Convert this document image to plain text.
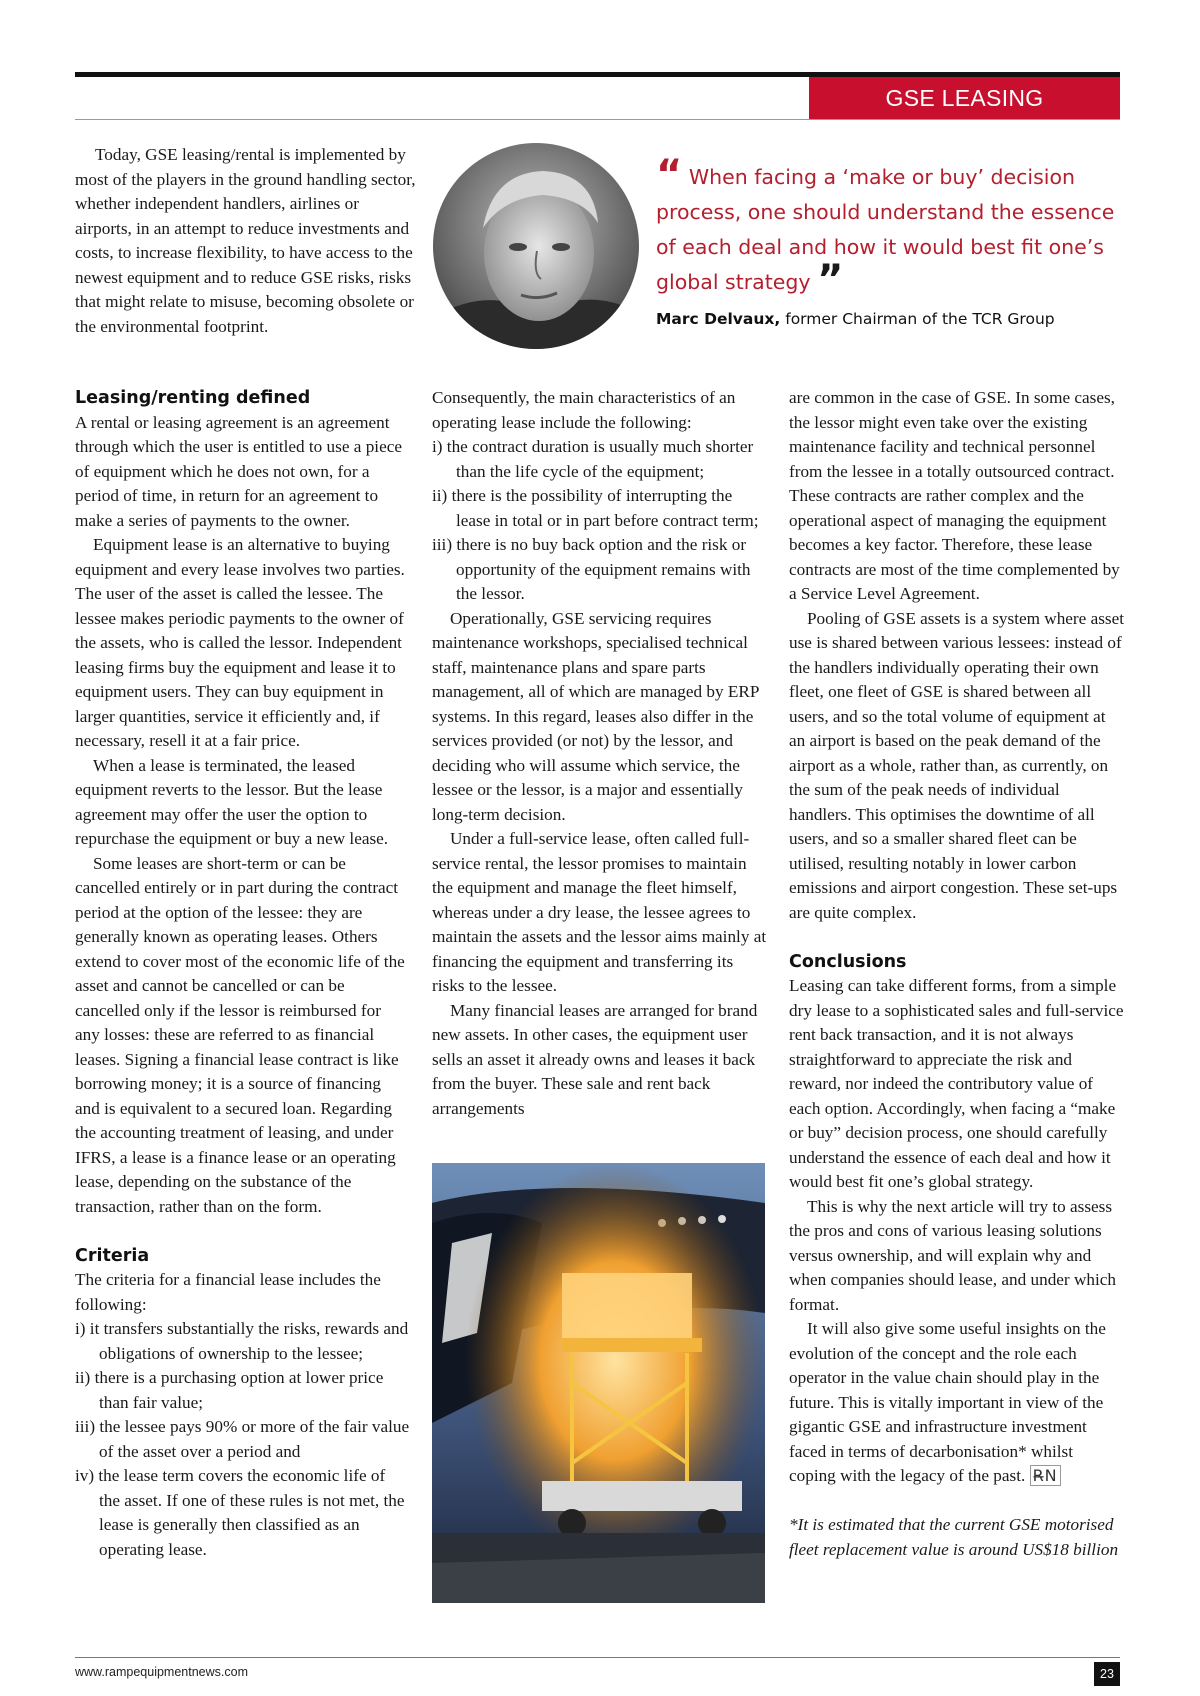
GSE LEASING

Today, GSE leasing/rental is implemented by most of the players in the ground handling sector, whether independent handlers, airlines or airports, in an attempt to reduce investments and costs, to increase flexibility, to have access to the newest equipment and to reduce GSE risks, risks that might relate to misuse, becoming obsolete or the environmental footprint.

“ When facing a ‘make or buy’ decision process, one should understand the essence of each deal and how it would best fit one’s global strategy ”

Marc Delvaux, former Chairman of the TCR Group
Leasing/renting defined

A rental or leasing agreement is an agreement through which the user is entitled to use a piece of equipment which he does not own, for a period of time, in return for an agreement to make a series of payments to the owner.

Equipment lease is an alternative to buying equipment and every lease involves two parties. The user of the asset is called the lessee. The lessee makes periodic payments to the owner of the assets, who is called the lessor. Independent leasing firms buy the equipment and lease it to equipment users. They can buy equipment in larger quantities, service it efficiently and, if necessary, resell it at a fair price.

When a lease is terminated, the leased equipment reverts to the lessor. But the lease agreement may offer the user the option to repurchase the equipment or buy a new lease.

Some leases are short-term or can be cancelled entirely or in part during the contract period at the option of the lessee: they are generally known as operating leases. Others extend to cover most of the economic life of the asset and cannot be cancelled or can be cancelled only if the lessor is reimbursed for any losses: these are referred to as financial leases. Signing a financial lease contract is like borrowing money; it is a source of financing and is equivalent to a secured loan. Regarding the accounting treatment of leasing, and under IFRS, a lease is a finance lease or an operating lease, depending on the substance of the transaction, rather than on the form.

Criteria

The criteria for a financial lease includes the following:

i) it transfers substantially the risks, rewards and obligations of ownership to the lessee;

ii) there is a purchasing option at lower price than fair value;

iii) the lessee pays 90% or more of the fair value of the asset over a period and

iv) the lease term covers the economic life of the asset. If one of these rules is not met, the lease is generally then classified as an operating lease.

Consequently, the main characteristics of an operating lease include the following:

i) the contract duration is usually much shorter than the life cycle of the equipment;

ii) there is the possibility of interrupting the lease in total or in part before contract term;

iii) there is no buy back option and the risk or opportunity of the equipment remains with the lessor.

Operationally, GSE servicing requires maintenance workshops, specialised technical staff, maintenance plans and spare parts management, all of which are managed by ERP systems. In this regard, leases also differ in the services provided (or not) by the lessor, and deciding who will assume which service, the lessee or the lessor, is a major and essentially long-term decision.

Under a full-service lease, often called full-service rental, the lessor promises to maintain the equipment and manage the fleet himself, whereas under a dry lease, the lessee agrees to maintain the assets and the lessor aims mainly at financing the equipment and transferring its risks to the lessee.

Many financial leases are arranged for brand new assets. In other cases, the equipment user sells an asset it already owns and leases it back from the buyer. These sale and rent back arrangements

are common in the case of GSE. In some cases, the lessor might even take over the existing maintenance facility and technical personnel from the lessee in a totally outsourced contract. These contracts are rather complex and the operational aspect of managing the equipment becomes a key factor. Therefore, these lease contracts are most of the time complemented by a Service Level Agreement.

Pooling of GSE assets is a system where asset use is shared between various lessees: instead of the handlers individually operating their own fleet, one fleet of GSE is shared between all users, and so the total volume of equipment at an airport is based on the peak demand of the airport as a whole, rather than, as currently, on the sum of the peak needs of individual handlers. This optimises the downtime of all users, and so a smaller shared fleet can be utilised, resulting notably in lower carbon emissions and airport congestion. These set-ups are quite complex.

Conclusions

Leasing can take different forms, from a simple dry lease to a sophisticated sales and full-service rent back transaction, and it is not always straightforward to appreciate the risk and reward, nor indeed the contributory value of each option. Accordingly, when facing a “make or buy” decision process, one should carefully understand the essence of each deal and how it would best fit one’s global strategy.

This is why the next article will try to assess the pros and cons of various leasing solutions versus ownership, and will explain why and when companies should lease, and under which format.

It will also give some useful insights on the evolution of the concept and the role each operator in the value chain should play in the future. This is vitally important in view of the gigantic GSE and infrastructure investment faced in terms of decarbonisation* whilst coping with the legacy of the past. R̶N

*It is estimated that the current GSE motorised fleet replacement value is around US$18 billion

www.rampequipmentnews.com	23
